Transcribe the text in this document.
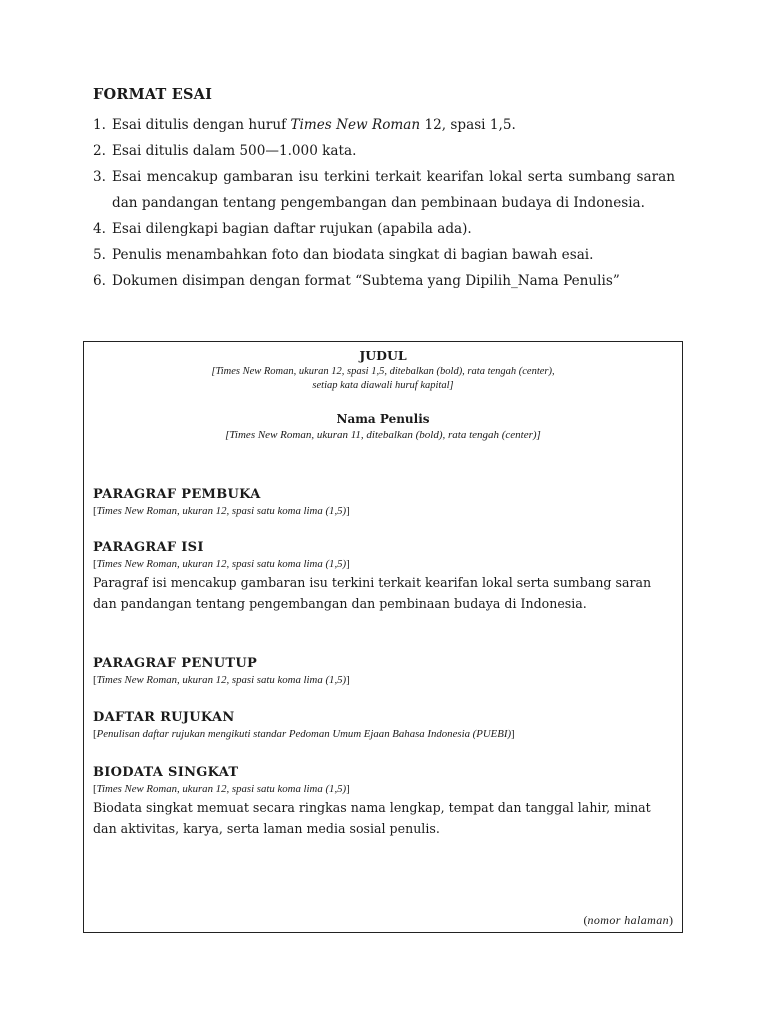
FORMAT ESAI
1. Esai ditulis dengan huruf Times New Roman 12, spasi 1,5.
2. Esai ditulis dalam 500—1.000 kata.
3. Esai mencakup gambaran isu terkini terkait kearifan lokal serta sumbang saran dan pandangan tentang pengembangan dan pembinaan budaya di Indonesia.
4. Esai dilengkapi bagian daftar rujukan (apabila ada).
5. Penulis menambahkan foto dan biodata singkat di bagian bawah esai.
6. Dokumen disimpan dengan format “Subtema yang Dipilih_Nama Penulis”
JUDUL
[Times New Roman, ukuran 12, spasi 1,5, ditebalkan (bold), rata tengah (center),
setiap kata diawali huruf kapital]
Nama Penulis
[Times New Roman, ukuran 11, ditebalkan (bold), rata tengah (center)]
PARAGRAF PEMBUKA
[Times New Roman, ukuran 12, spasi satu koma lima (1,5)]
PARAGRAF ISI
[Times New Roman, ukuran 12, spasi satu koma lima (1,5)]
Paragraf isi mencakup gambaran isu terkini terkait kearifan lokal serta sumbang saran dan pandangan tentang pengembangan dan pembinaan budaya di Indonesia.
PARAGRAF PENUTUP
[Times New Roman, ukuran 12, spasi satu koma lima (1,5)]
DAFTAR RUJUKAN
[Penulisan daftar rujukan mengikuti standar Pedoman Umum Ejaan Bahasa Indonesia (PUEBI)]
BIODATA SINGKAT
[Times New Roman, ukuran 12, spasi satu koma lima (1,5)]
Biodata singkat memuat secara ringkas nama lengkap, tempat dan tanggal lahir, minat dan aktivitas, karya, serta laman media sosial penulis.
(nomor halaman)
